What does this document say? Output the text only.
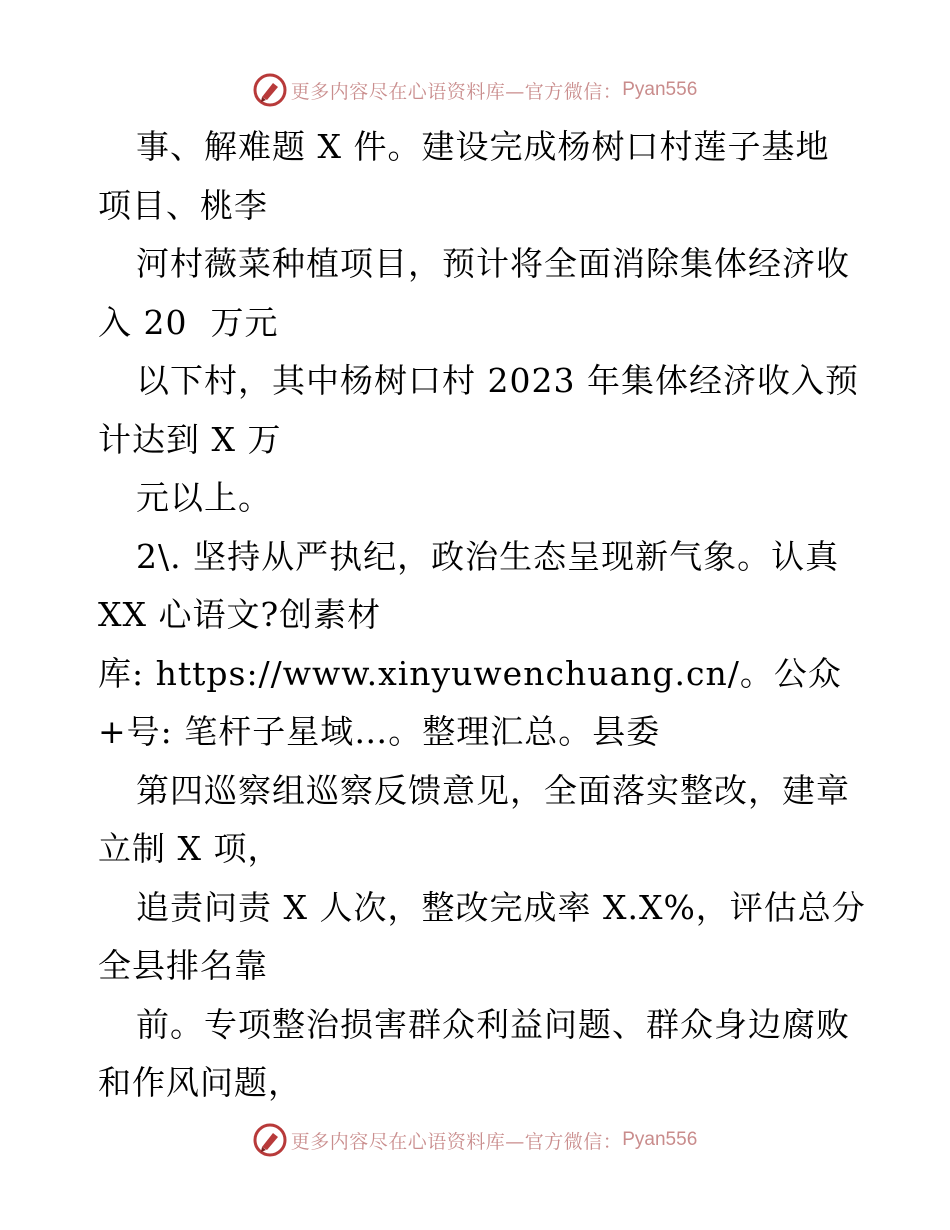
更多内容尽在心语资料库—官方微信： Pyan556
事、解难题 X 件。建设完成杨树口村莲子基地
项目、桃李
河村薇菜种植项目，预计将全面消除集体经济收
入 20  万元
以下村，其中杨树口村 2023 年集体经济收入预
计达到 X 万
元以上。
2\. 坚持从严执纪，政治生态呈现新气象。认真
XX 心语文?创素材
库: https://www.xinyuwenchuang.cn/。公众
+号: 笔杆子星域…。整理汇总。县委
第四巡察组巡察反馈意见，全面落实整改，建章
立制 X 项，
追责问责 X 人次，整改完成率 X.X%，评估总分
全县排名靠
前。专项整治损害群众利益问题、群众身边腐败
和作风问题，
更多内容尽在心语资料库—官方微信： Pyan556
